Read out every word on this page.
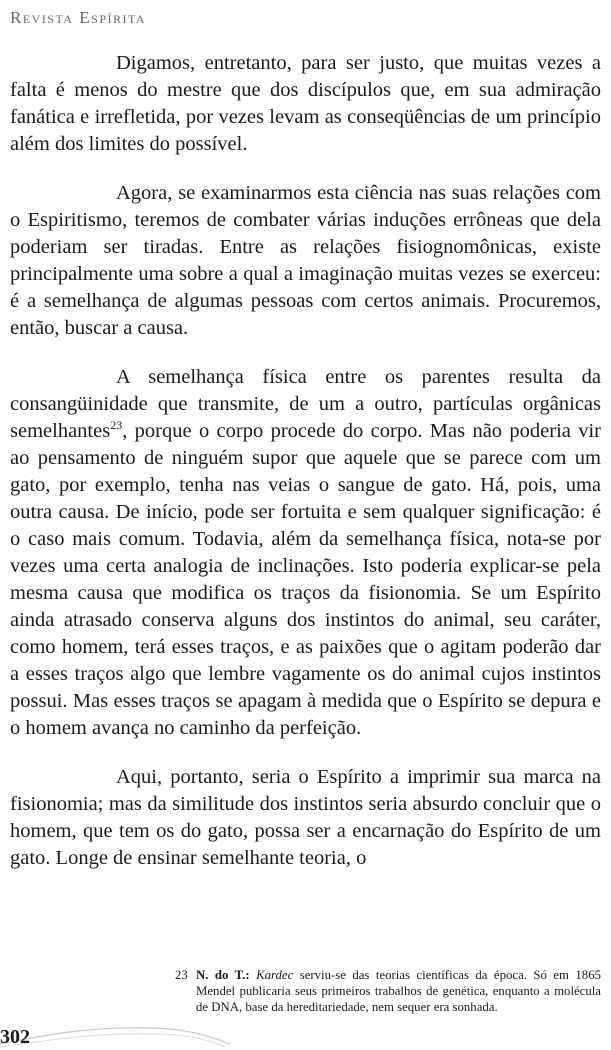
Revista Espírita

Digamos, entretanto, para ser justo, que muitas vezes a falta é menos do mestre que dos discípulos que, em sua admiração fanática e irrefletida, por vezes levam as conseqüências de um princípio além dos limites do possível.

Agora, se examinarmos esta ciência nas suas relações com o Espiritismo, teremos de combater várias induções errôneas que dela poderiam ser tiradas. Entre as relações fisiognomônicas, existe principalmente uma sobre a qual a imaginação muitas vezes se exerceu: é a semelhança de algumas pessoas com certos animais. Procuremos, então, buscar a causa.

A semelhança física entre os parentes resulta da consangüinidade que transmite, de um a outro, partículas orgânicas semelhantes$^{23}$, porque o corpo procede do corpo. Mas não poderia vir ao pensamento de ninguém supor que aquele que se parece com um gato, por exemplo, tenha nas veias o sangue de gato. Há, pois, uma outra causa. De início, pode ser fortuita e sem qualquer significação: é o caso mais comum. Todavia, além da semelhança física, nota-se por vezes uma certa analogia de inclinações. Isto poderia explicar-se pela mesma causa que modifica os traços da fisionomia. Se um Espírito ainda atrasado conserva alguns dos instintos do animal, seu caráter, como homem, terá esses traços, e as paixões que o agitam poderão dar a esses traços algo que lembre vagamente os do animal cujos instintos possui. Mas esses traços se apagam à medida que o Espírito se depura e o homem avança no caminho da perfeição.

Aqui, portanto, seria o Espírito a imprimir sua marca na fisionomia; mas da similitude dos instintos seria absurdo concluir que o homem, que tem os do gato, possa ser a encarnação do Espírito de um gato. Longe de ensinar semelhante teoria, o

23 N. do T.: Kardec serviu-se das teorias científicas da época. Só em 1865 Mendel publicaria seus primeiros trabalhos de genética, enquanto a molécula de DNA, base da hereditariedade, nem sequer era sonhada.
302
